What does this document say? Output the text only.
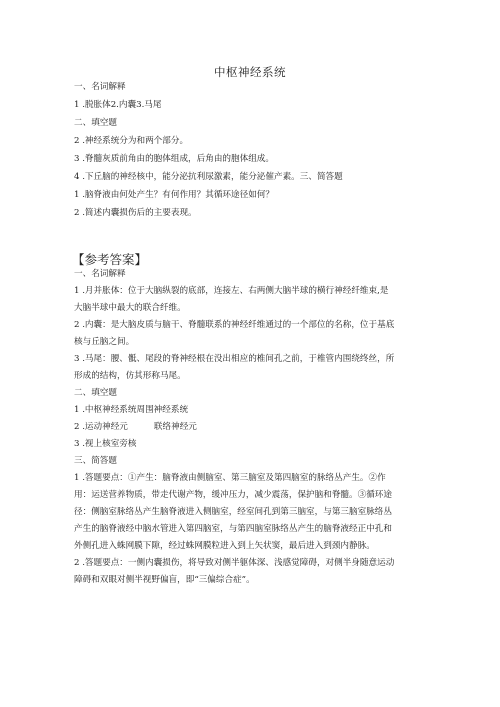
中枢神经系统
一、名词解释
1 .脱胀体2.内囊3.马尾
二、填空题
2 .神经系统分为和两个部分。
3 .脊髓灰质前角由的胞体组成，后角由的胞体组成。
4 .下丘脑的神经核中，能分泌抗利尿激素，能分泌催产素。三、简答题
1 .脑脊液由何处产生？有何作用？其循环途径如何？
2 .简述内囊损伤后的主要表现。
【参考答案】
一、名词解释
1 .月并胀体：位于大脑纵裂的底部，连接左、右两侧大脑半球的横行神经纤维束,是
大脑半球中最大的联合纤维。
2 .内囊：是大脑皮质与脑干、脊髓联系的神经纤维通过的一个部位的名称，位于基底
核与丘脑之间。
3 .马尾：腰、骶、尾段的脊神经根在没出相应的椎间孔之前，于椎管内围绕终丝，所
形成的结构，仿其形称马尾。
二、填空题
1 .中枢神经系统周围神经系统
2 .运动神经元	联络神经元
3 .视上核室旁核
三、简答题
1 .答题要点：①产生：脑脊液由侧脑室、第三脑室及第四脑室的脉络丛产生。②作
用：运送营养物质，带走代谢产物，缓冲压力，减少震荡，保护脑和脊髓。③循环途
径：侧脑室脉络丛产生脑脊液进入侧脑室，经室间孔到第三脑室，与第三脑室脉络丛
产生的脑脊液经中脑水管进入第四脑室，与第四脑室脉络丛产生的脑脊液经正中孔和
外侧孔进入蛛网膜下隙，经过蛛网膜粒进入到上矢状窦，最后进入到颈内静脉。
2 .答题要点：一侧内囊损伤，将导致对侧半躯体深、浅感觉障碍，对侧半身随意运动
障碍和双眼对侧半视野偏盲，即“三偏综合症”。
